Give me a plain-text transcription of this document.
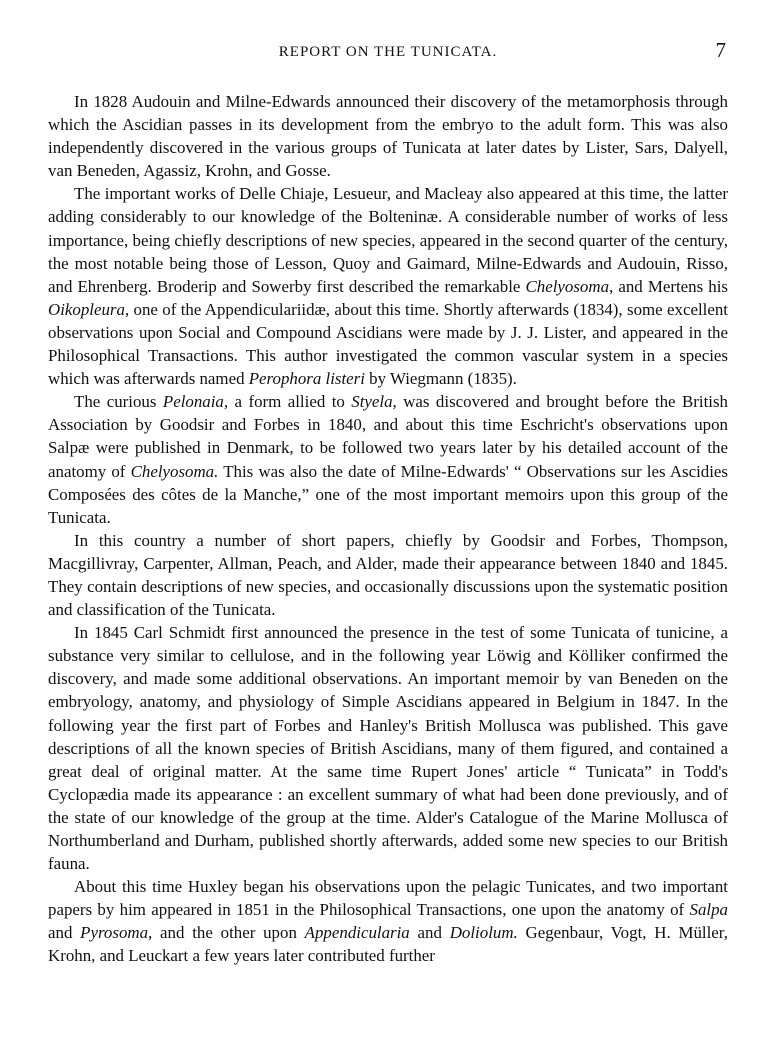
REPORT ON THE TUNICATA.	7

In 1828 Audouin and Milne-Edwards announced their discovery of the metamorphosis through which the Ascidian passes in its development from the embryo to the adult form. This was also independently discovered in the various groups of Tunicata at later dates by Lister, Sars, Dalyell, van Beneden, Agassiz, Krohn, and Gosse.

The important works of Delle Chiaje, Lesueur, and Macleay also appeared at this time, the latter adding considerably to our knowledge of the Bolteninæ. A considerable number of works of less importance, being chiefly descriptions of new species, appeared in the second quarter of the century, the most notable being those of Lesson, Quoy and Gaimard, Milne-Edwards and Audouin, Risso, and Ehrenberg. Broderip and Sowerby first described the remarkable Chelyosoma, and Mertens his Oikopleura, one of the Appendiculariidæ, about this time. Shortly afterwards (1834), some excellent observations upon Social and Compound Ascidians were made by J. J. Lister, and appeared in the Philosophical Transactions. This author investigated the common vascular system in a species which was afterwards named Perophora listeri by Wiegmann (1835).

The curious Pelonaia, a form allied to Styela, was discovered and brought before the British Association by Goodsir and Forbes in 1840, and about this time Eschricht's observations upon Salpæ were published in Denmark, to be followed two years later by his detailed account of the anatomy of Chelyosoma. This was also the date of Milne-Edwards' “ Observations sur les Ascidies Composées des côtes de la Manche,” one of the most important memoirs upon this group of the Tunicata.

In this country a number of short papers, chiefly by Goodsir and Forbes, Thompson, Macgillivray, Carpenter, Allman, Peach, and Alder, made their appearance between 1840 and 1845. They contain descriptions of new species, and occasionally discussions upon the systematic position and classification of the Tunicata.

In 1845 Carl Schmidt first announced the presence in the test of some Tunicata of tunicine, a substance very similar to cellulose, and in the following year Löwig and Kölliker confirmed the discovery, and made some additional observations. An important memoir by van Beneden on the embryology, anatomy, and physiology of Simple Ascidians appeared in Belgium in 1847. In the following year the first part of Forbes and Hanley's British Mollusca was published. This gave descriptions of all the known species of British Ascidians, many of them figured, and contained a great deal of original matter. At the same time Rupert Jones' article “ Tunicata” in Todd's Cyclopædia made its appearance : an excellent summary of what had been done previously, and of the state of our knowledge of the group at the time. Alder's Catalogue of the Marine Mollusca of Northumberland and Durham, published shortly afterwards, added some new species to our British fauna.

About this time Huxley began his observations upon the pelagic Tunicates, and two important papers by him appeared in 1851 in the Philosophical Transactions, one upon the anatomy of Salpa and Pyrosoma, and the other upon Appendicularia and Doliolum. Gegenbaur, Vogt, H. Müller, Krohn, and Leuckart a few years later contributed further
